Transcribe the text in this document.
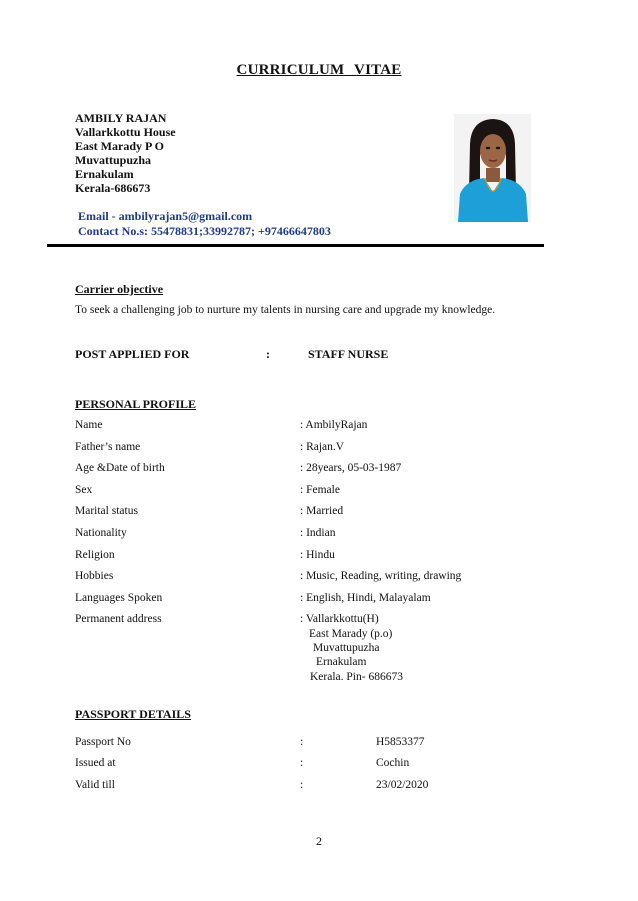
CURRICULUM VITAE
AMBILY RAJAN
Vallarkkottu House
East Marady P O
Muvattupuzha
Ernakulam
Kerala-686673
Email - ambilyrajan5@gmail.com
Contact No.s: 55478831;33992787; +97466647803
Carrier objective
To seek a challenging job to nurture my talents in nursing care and upgrade my knowledge.
POST APPLIED FOR	:	STAFF NURSE
PERSONAL PROFILE
Name	: AmbilyRajan
Father’s name	: Rajan.V
Age &Date of birth	: 28years, 05-03-1987
Sex	: Female
Marital status	: Married
Nationality	: Indian
Religion	: Hindu
Hobbies	: Music, Reading, writing, drawing
Languages Spoken	: English, Hindi, Malayalam
Permanent address	: Vallarkkottu(H)
East Marady (p.o)
Muvattupuzha
Ernakulam
Kerala. Pin- 686673
PASSPORT DETAILS
Passport No	:	H5853377
Issued at	:	Cochin
Valid till	:	23/02/2020
2
